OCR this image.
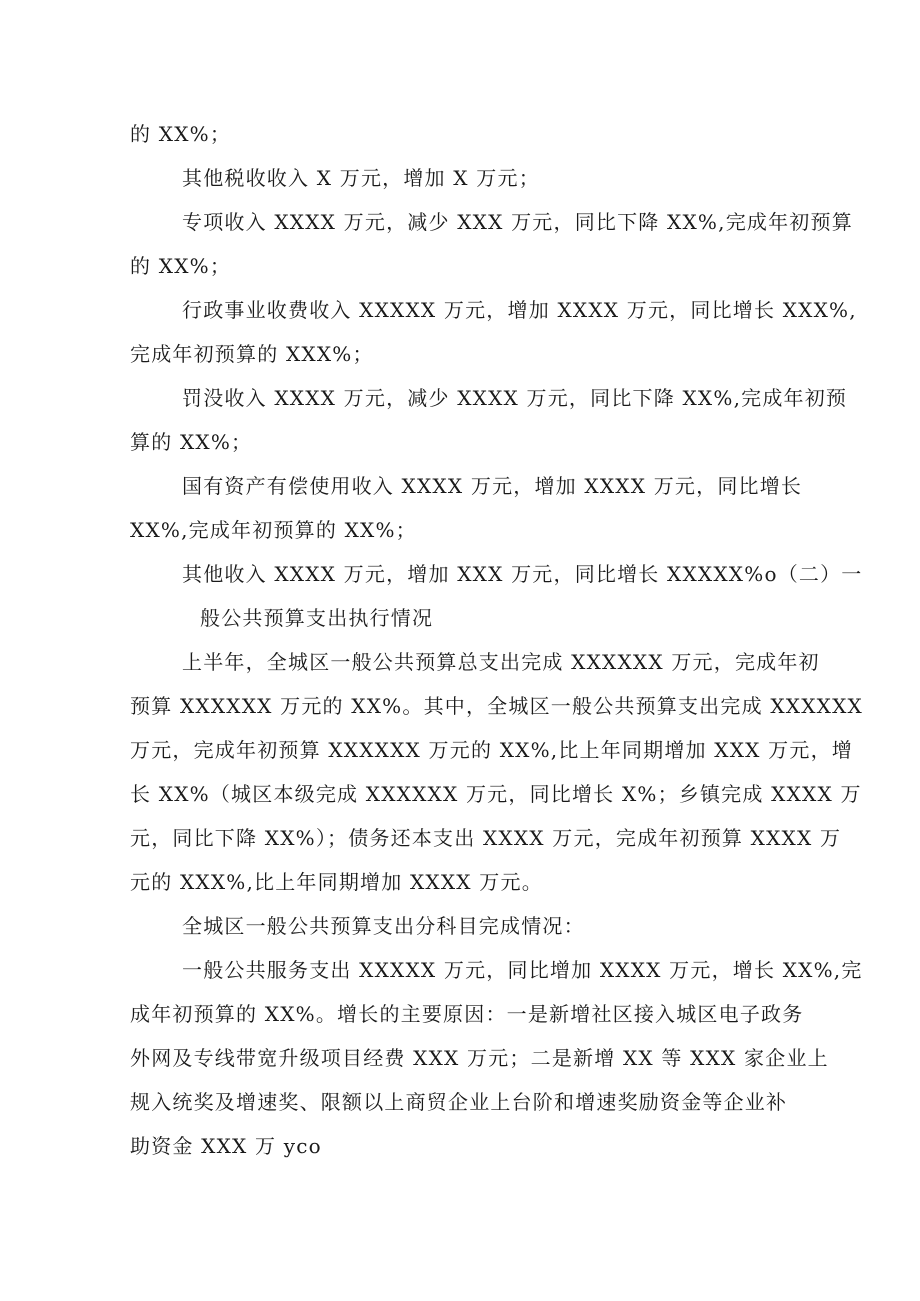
的 XX%；
其他税收收入 X 万元，增加 X 万元；
专项收入 XXXX 万元，减少 XXX 万元，同比下降 XX%,完成年初预算
的 XX%；
行政事业收费收入 XXXXX 万元，增加 XXXX 万元，同比增长 XXX%,
完成年初预算的 XXX%；
罚没收入 XXXX 万元，减少 XXXX 万元，同比下降 XX%,完成年初预
算的 XX%；
国有资产有偿使用收入 XXXX 万元，增加 XXXX 万元，同比增长
XX%,完成年初预算的 XX%；
其他收入 XXXX 万元，增加 XXX 万元，同比增长 XXXXX%o（二）一
般公共预算支出执行情况
上半年，全城区一般公共预算总支出完成 XXXXXX 万元，完成年初
预算 XXXXXX 万元的 XX%。其中，全城区一般公共预算支出完成 XXXXXX
万元，完成年初预算 XXXXXX 万元的 XX%,比上年同期增加 XXX 万元，增
长 XX%（城区本级完成 XXXXXX 万元，同比增长 X%；乡镇完成 XXXX 万
元，同比下降 XX%）；债务还本支出 XXXX 万元，完成年初预算 XXXX 万
元的 XXX%,比上年同期增加 XXXX 万元。
全城区一般公共预算支出分科目完成情况：
一般公共服务支出 XXXXX 万元，同比增加 XXXX 万元，增长 XX%,完
成年初预算的 XX%。增长的主要原因：一是新增社区接入城区电子政务
外网及专线带宽升级项目经费 XXX 万元；二是新增 XX 等 XXX 家企业上
规入统奖及增速奖、限额以上商贸企业上台阶和增速奖励资金等企业补
助资金 XXX 万 yco
